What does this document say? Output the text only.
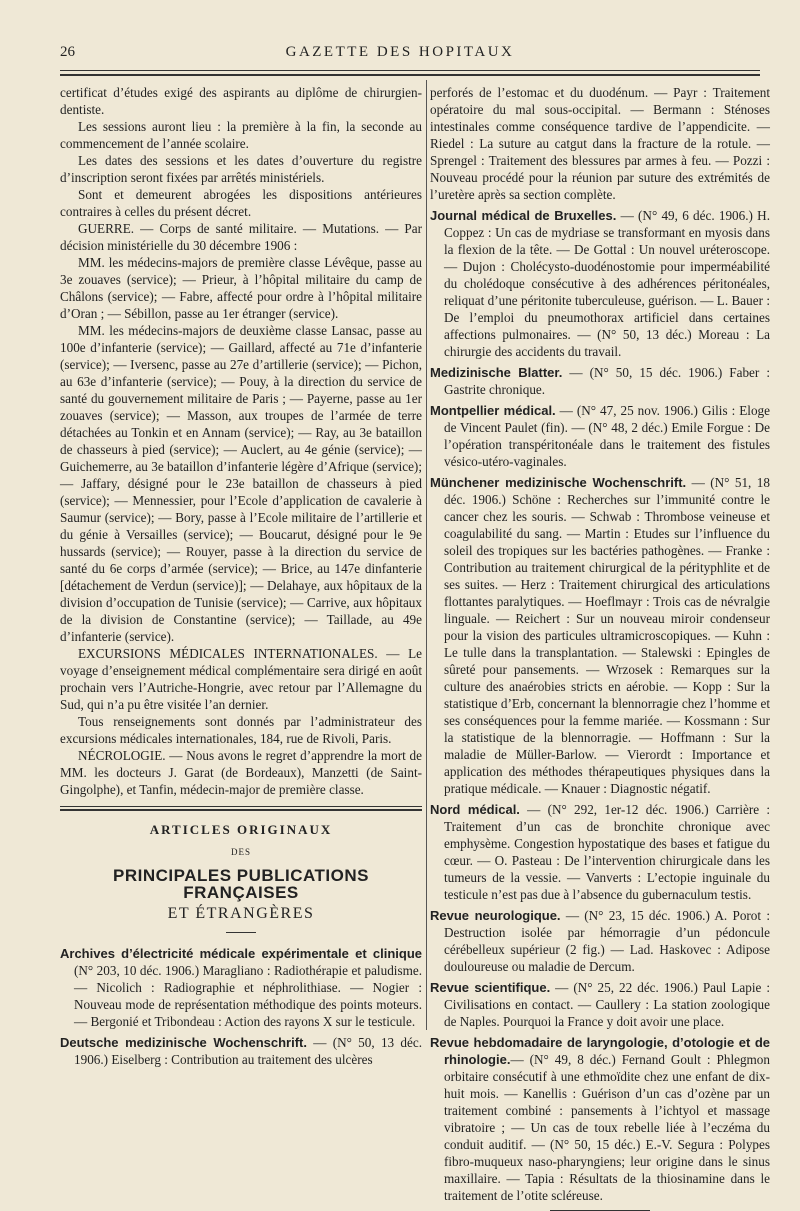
26	GAZETTE DES HOPITAUX

certificat d’études exigé des aspirants au diplôme de chirurgien-dentiste.

Les sessions auront lieu : la première à la fin, la seconde au commencement de l’année scolaire.

Les dates des sessions et les dates d’ouverture du registre d’inscription seront fixées par arrêtés ministériels.

Sont et demeurent abrogées les dispositions antérieures contraires à celles du présent décret.

GUERRE. — Corps de santé militaire. — Mutations. — Par décision ministérielle du 30 décembre 1906 :

MM. les médecins-majors de première classe Lévêque, passe au 3e zouaves (service); — Prieur, à l’hôpital militaire du camp de Châlons (service); — Fabre, affecté pour ordre à l’hôpital militaire d’Oran ; — Sébillon, passe au 1er étranger (service).

MM. les médecins-majors de deuxième classe Lansac, passe au 100e d’infanterie (service); — Gaillard, affecté au 71e d’infanterie (service); — Iversenc, passe au 27e d’artillerie (service); — Pichon, au 63e d’infanterie (service); — Pouy, à la direction du service de santé du gouvernement militaire de Paris ; — Payerne, passe au 1er zouaves (service); — Masson, aux troupes de l’armée de terre détachées au Tonkin et en Annam (service); — Ray, au 3e bataillon de chasseurs à pied (service); — Auclert, au 4e génie (service); — Guichemerre, au 3e bataillon d’infanterie légère d’Afrique (service); — Jaffary, désigné pour le 23e bataillon de chasseurs à pied (service); — Mennessier, pour l’Ecole d’application de cavalerie à Saumur (service); — Bory, passe à l’Ecole militaire de l’artillerie et du génie à Versailles (service); — Boucarut, désigné pour le 9e hussards (service); — Rouyer, passe à la direction du service de santé du 6e corps d’armée (service); — Brice, au 147e dinfanterie [détachement de Verdun (service)]; — Delahaye, aux hôpitaux de la division d’occupation de Tunisie (service); — Carrive, aux hôpitaux de la division de Constantine (service); — Taillade, au 49e d’infanterie (service).

EXCURSIONS MÉDICALES INTERNATIONALES. — Le voyage d’enseignement médical complémentaire sera dirigé en août prochain vers l’Autriche-Hongrie, avec retour par l’Allemagne du Sud, qui n’a pu être visitée l’an dernier.

Tous renseignements sont donnés par l’administrateur des excursions médicales internationales, 184, rue de Rivoli, Paris.

NÉCROLOGIE. — Nous avons le regret d’apprendre la mort de MM. les docteurs J. Garat (de Bordeaux), Manzetti (de Saint-Gingolphe), et Tanfin, médecin-major de première classe.

ARTICLES ORIGINAUX
DES
PRINCIPALES PUBLICATIONS FRANÇAISES
ET ÉTRANGÈRES

Archives d’électricité médicale expérimentale et clinique (N° 203, 10 déc. 1906.) Maragliano : Radiothérapie et paludisme. — Nicolich : Radiographie et néphrolithiase. — Nogier : Nouveau mode de représentation méthodique des points moteurs. — Bergonié et Tribondeau : Action des rayons X sur le testicule.

Deutsche medizinische Wochenschrift. — (N° 50, 13 déc. 1906.) Eiselberg : Contribution au traitement des ulcères

perforés de l’estomac et du duodénum. — Payr : Traitement opératoire du mal sous-occipital. — Bermann : Sténoses intestinales comme conséquence tardive de l’appendicite. — Riedel : La suture au catgut dans la fracture de la rotule. — Sprengel : Traitement des blessures par armes à feu. — Pozzi : Nouveau procédé pour la réunion par suture des extrémités de l’uretère après sa section complète.

Journal médical de Bruxelles. — (N° 49, 6 déc. 1906.) H. Coppez : Un cas de mydriase se transformant en myosis dans la flexion de la tête. — De Gottal : Un nouvel uréteroscope. — Dujon : Cholécysto-duodénostomie pour imperméabilité du cholédoque consécutive à des adhérences péritonéales, reliquat d’une péritonite tuberculeuse, guérison. — L. Bauer : De l’emploi du pneumothorax artificiel dans certaines affections pulmonaires. — (N° 50, 13 déc.) Moreau : La chirurgie des accidents du travail.

Medizinische Blatter. — (N° 50, 15 déc. 1906.) Faber : Gastrite chronique.

Montpellier médical. — (N° 47, 25 nov. 1906.) Gilis : Eloge de Vincent Paulet (fin). — (N° 48, 2 déc.) Emile Forgue : De l’opération transpéritonéale dans le traitement des fistules vésico-utéro-vaginales.

Münchener medizinische Wochenschrift. — (N° 51, 18 déc. 1906.) Schöne : Recherches sur l’immunité contre le cancer chez les souris. — Schwab : Thrombose veineuse et coagulabilité du sang. — Martin : Etudes sur l’influence du soleil des tropiques sur les bactéries pathogènes. — Franke : Contribution au traitement chirurgical de la pérityphlite et de ses suites. — Herz : Traitement chirurgical des articulations flottantes paralytiques. — Hoeflmayr : Trois cas de névralgie linguale. — Reichert : Sur un nouveau miroir condenseur pour la vision des particules ultramicroscopiques. — Kuhn : Le tulle dans la transplantation. — Stalewski : Epingles de sûreté pour pansements. — Wrzosek : Remarques sur la culture des anaérobies stricts en aérobie. — Kopp : Sur la statistique d’Erb, concernant la blennorragie chez l’homme et ses conséquences pour la femme mariée. — Kossmann : Sur la statistique de la blennorragie. — Hoffmann : Sur la maladie de Müller-Barlow. — Vierordt : Importance et application des méthodes thérapeutiques physiques dans la pratique médicale. — Knauer : Diagnostic négatif.

Nord médical. — (N° 292, 1er-12 déc. 1906.) Carrière : Traitement d’un cas de bronchite chronique avec emphysème. Congestion hypostatique des bases et fatigue du cœur. — O. Pasteau : De l’intervention chirurgicale dans les tumeurs de la vessie. — Vanverts : L’ectopie inguinale du testicule n’est pas due à l’absence du gubernaculum testis.

Revue neurologique. — (N° 23, 15 déc. 1906.) A. Porot : Destruction isolée par hémorragie d’un pédoncule cérébelleux supérieur (2 fig.) — Lad. Haskovec : Adipose douloureuse ou maladie de Dercum.

Revue scientifique. — (N° 25, 22 déc. 1906.) Paul Lapie : Civilisations en contact. — Caullery : La station zoologique de Naples. Pourquoi la France y doit avoir une place.

Revue hebdomadaire de laryngologie, d’otologie et de rhinologie.— (N° 49, 8 déc.) Fernand Goult : Phlegmon orbitaire consécutif à une ethmoïdite chez une enfant de dix-huit mois. — Kanellis : Guérison d’un cas d’ozène par un traitement combiné : pansements à l’ichtyol et massage vibratoire ; — Un cas de toux rebelle liée à l’eczéma du conduit auditif. — (N° 50, 15 déc.) E.-V. Segura : Polypes fibro-muqueux naso-pharyngiens; leur origine dans le sinus maxillaire. — Tapia : Résultats de la thiosinamine dans le traitement de l’otite scléreuse.
